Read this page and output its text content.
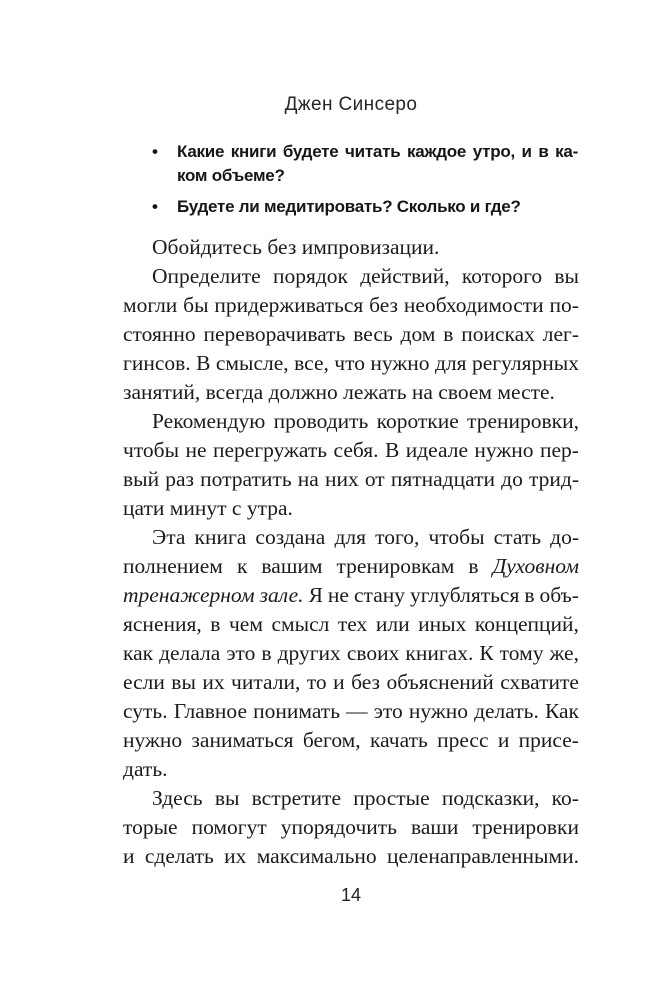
Джен Синсеро
•	Какие книги будете читать каждое утро, и в ка-
ком объеме?
•	Будете ли медитировать? Сколько и где?
Обойдитесь без импровизации.
Определите порядок действий, которого вы
могли бы придерживаться без необходимости по-
стоянно переворачивать весь дом в поисках лег-
гинсов. В смысле, все, что нужно для регулярных
занятий, всегда должно лежать на своем месте.
Рекомендую проводить короткие тренировки,
чтобы не перегружать себя. В идеале нужно пер-
вый раз потратить на них от пятнадцати до трид-
цати минут с утра.
Эта книга создана для того, чтобы стать до-
полнением к вашим тренировкам в Духовном
тренажерном зале. Я не стану углубляться в объ-
яснения, в чем смысл тех или иных концепций,
как делала это в других своих книгах. К тому же,
если вы их читали, то и без объяснений схватите
суть. Главное понимать — это нужно делать. Как
нужно заниматься бегом, качать пресс и присе-
дать.
Здесь вы встретите простые подсказки, ко-
торые помогут упорядочить ваши тренировки
и сделать их максимально целенаправленными.
14
